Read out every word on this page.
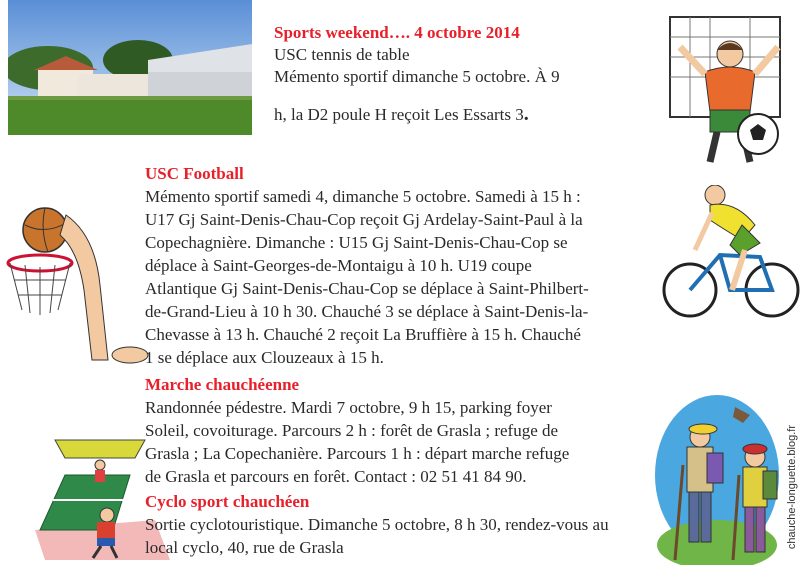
Sports weekend…. 4 octobre 2014
USC tennis de table
Mémento sportif dimanche 5 octobre. À 9
h, la D2 poule H reçoit Les Essarts 3.
USC Football
Mémento sportif samedi 4, dimanche 5 octobre. Samedi à 15 h :
U17 Gj Saint-Denis-Chau-Cop reçoit Gj Ardelay-Saint-Paul à la
Copechagnière. Dimanche : U15 Gj Saint-Denis-Chau-Cop se
déplace à Saint-Georges-de-Montaigu à 10 h. U19 coupe
Atlantique Gj Saint-Denis-Chau-Cop se déplace à Saint-Philbert-
de-Grand-Lieu à 10 h 30. Chauché 3 se déplace à Saint-Denis-la-
Chevasse à 13 h. Chauché 2 reçoit La Bruffière à 15 h. Chauché
1 se déplace aux Clouzeaux à 15 h.
Marche chauchéenne
Randonnée pédestre. Mardi 7 octobre, 9 h 15, parking foyer
Soleil, covoiturage. Parcours 2 h : forêt de Grasla ; refuge de
Grasla ; La Copechanière. Parcours 1 h : départ marche refuge
de Grasla et parcours en forêt. Contact : 02 51 41 84 90.
Cyclo sport chauchéen
Sortie cyclotouristique. Dimanche 5 octobre, 8 h 30, rendez-vous au
local cyclo, 40, rue de Grasla	chauche-longuette.blog.fr
